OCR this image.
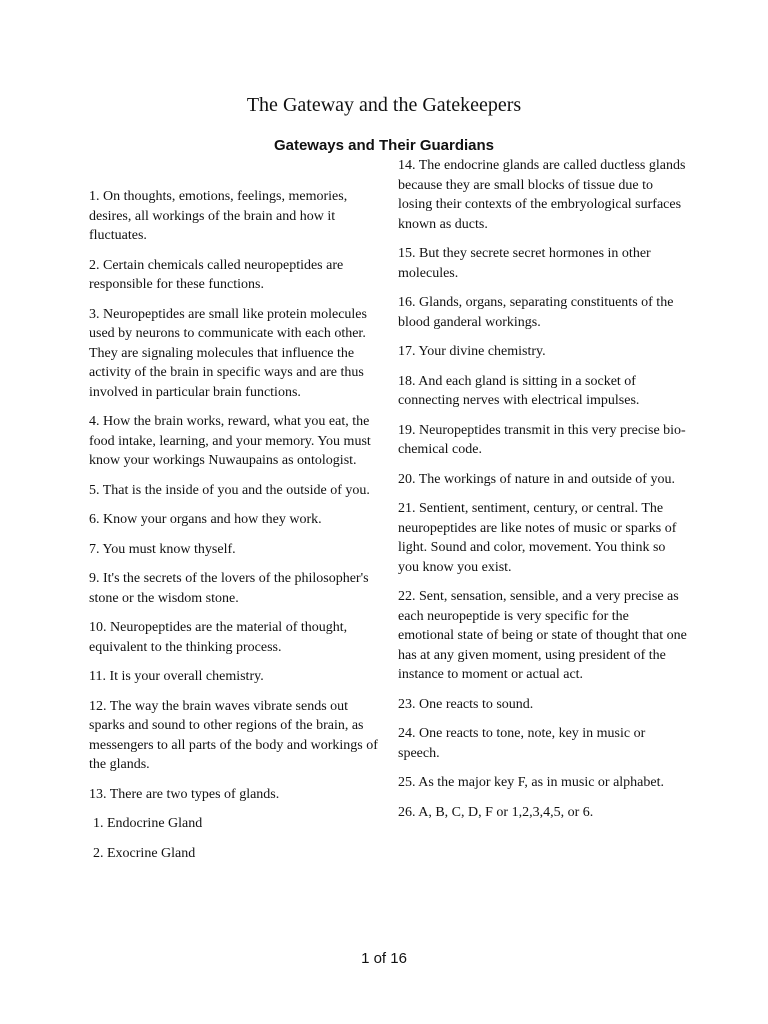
The Gateway and the Gatekeepers
Gateways and Their Guardians

1. On thoughts, emotions, feelings, memories, desires, all workings of the brain and how it fluctuates.

2. Certain chemicals called neuropeptides are responsible for these functions.

3. Neuropeptides are small like protein molecules used by neurons to communicate with each other. They are signaling molecules that influence the activity of the brain in specific ways and are thus involved in particular brain functions.

4. How the brain works, reward, what you eat, the food intake, learning, and your memory. You must know your workings Nuwaupains as ontologist.

5. That is the inside of you and the outside of you.

6. Know your organs and how they work.

7. You must know thyself.

9. It's the secrets of the lovers of the philosopher's stone or the wisdom stone.

10. Neuropeptides are the material of thought, equivalent to the thinking process.

11. It is your overall chemistry.

12. The way the brain waves vibrate sends out sparks and sound to other regions of the brain, as messengers to all parts of the body and workings of the glands.

13. There are two types of glands.

1. Endocrine Gland

2. Exocrine Gland

14. The endocrine glands are called ductless glands because they are small blocks of tissue due to losing their contexts of the embryological surfaces known as ducts.

15. But they secrete secret hormones in other molecules.

16. Glands, organs, separating constituents of the blood ganderal workings.

17. Your divine chemistry.

18. And each gland is sitting in a socket of connecting nerves with electrical impulses.

19. Neuropeptides transmit in this very precise bio-chemical code.

20. The workings of nature in and outside of you.

21. Sentient, sentiment, century, or central. The neuropeptides are like notes of music or sparks of light. Sound and color, movement. You think so you know you exist.

22. Sent, sensation, sensible, and a very precise as each neuropeptide is very specific for the emotional state of being or state of thought that one has at any given moment, using president of the instance to moment or actual act.

23. One reacts to sound.

24. One reacts to tone, note, key in music or speech.

25. As the major key F, as in music or alphabet.

26. A, B, C, D, F or 1,2,3,4,5, or 6.

1 of 16
